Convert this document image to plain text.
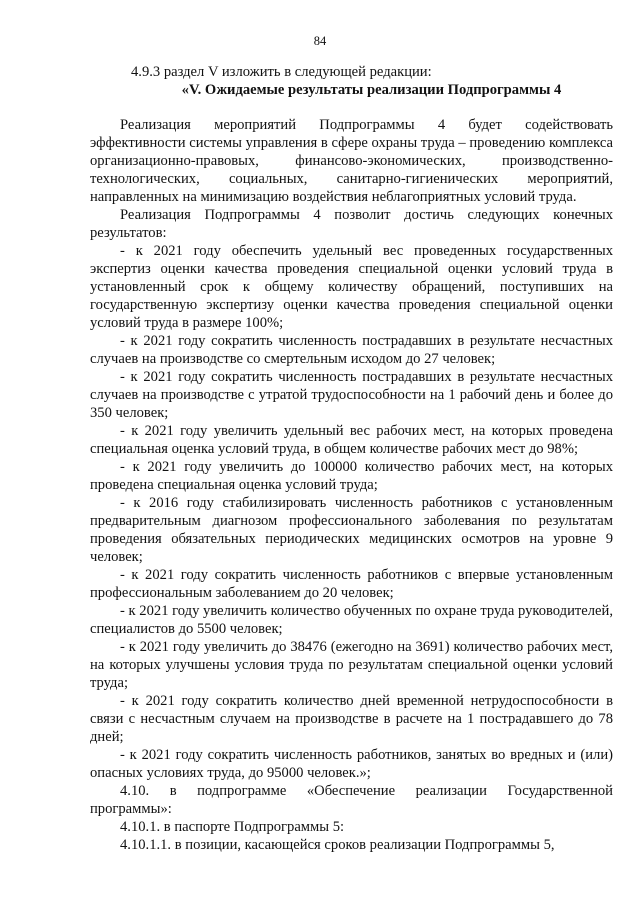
84
4.9.3 раздел V изложить в следующей редакции:
«V. Ожидаемые результаты реализации Подпрограммы 4

Реализация мероприятий Подпрограммы 4 будет содействовать эффективности системы управления в сфере охраны труда – проведению комплекса организационно-правовых, финансово-экономических, производственно-технологических, социальных, санитарно-гигиенических мероприятий, направленных на минимизацию воздействия неблагоприятных условий труда.

Реализация Подпрограммы 4 позволит достичь следующих конечных результатов:

- к 2021 году обеспечить удельный вес проведенных государственных экспертиз оценки качества проведения специальной оценки условий труда в установленный срок к общему количеству обращений, поступивших на государственную экспертизу оценки качества проведения специальной оценки условий труда в размере 100%;

- к 2021 году сократить численность пострадавших в результате несчастных случаев на производстве со смертельным исходом до 27 человек;

- к 2021 году сократить численность пострадавших в результате несчастных случаев на производстве с утратой трудоспособности на 1 рабочий день и более до 350 человек;

- к 2021 году увеличить удельный вес рабочих мест, на которых проведена специальная оценка условий труда, в общем количестве рабочих мест до 98%;

- к 2021 году увеличить до 100000 количество рабочих мест, на которых проведена специальная оценка условий труда;

- к 2016 году стабилизировать численность работников с установленным предварительным диагнозом профессионального заболевания по результатам проведения обязательных периодических медицинских осмотров на уровне 9 человек;

- к 2021 году сократить численность работников с впервые установленным профессиональным заболеванием до 20 человек;

- к 2021 году увеличить количество обученных по охране труда руководителей, специалистов до 5500 человек;

- к 2021 году увеличить до 38476 (ежегодно на 3691) количество рабочих мест, на которых улучшены условия труда по результатам специальной оценки условий труда;

- к 2021 году сократить количество дней временной нетрудоспособности в связи с несчастным случаем на производстве в расчете на 1 пострадавшего до 78 дней;

- к 2021 году сократить численность работников, занятых во вредных и (или) опасных условиях труда, до 95000 человек.»;

4.10. в подпрограмме «Обеспечение реализации Государственной программы»:

4.10.1. в паспорте Подпрограммы 5:

4.10.1.1. в позиции, касающейся сроков реализации Подпрограммы 5,
